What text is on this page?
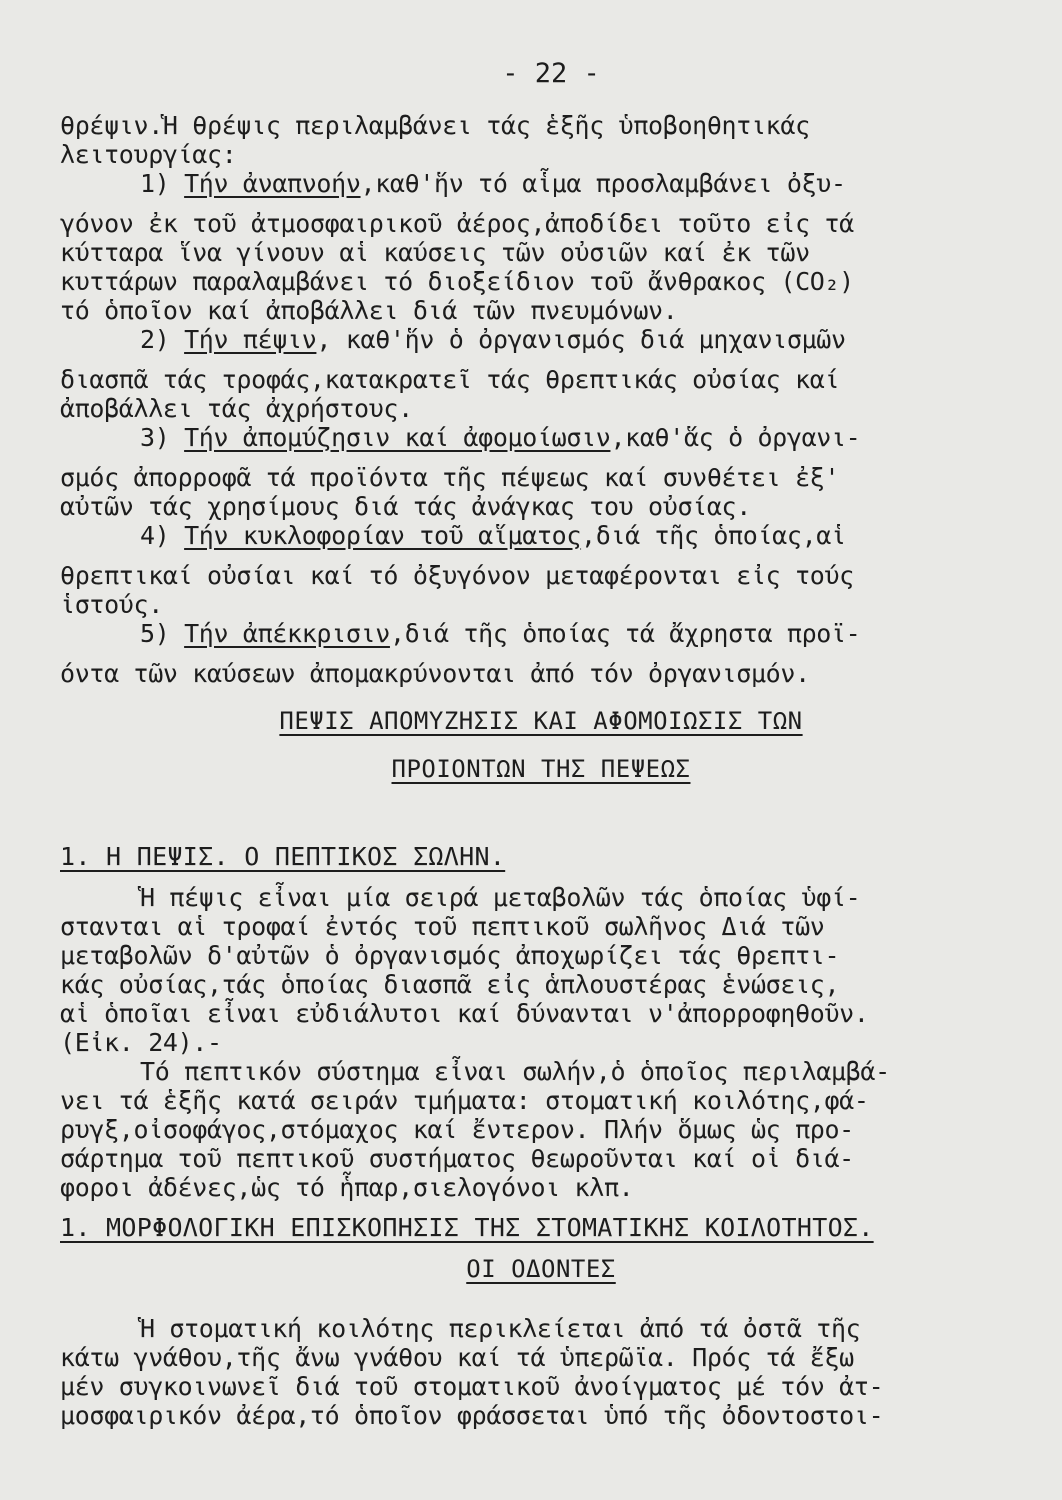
- 22 -
θρέψιν.Ἡ θρέψις περιλαμβάνει τάς ἑξῆς ὑποβοηθητικάς
λειτουργίας:
1) Τήν ἀναπνοήν,καθ'ἥν τό αἷμα προσλαμβάνει ὀξυ-
γόνον ἐκ τοῦ ἀτμοσφαιρικοῦ ἀέρος,ἀποδίδει τοῦτο εἰς τά
κύτταρα ἵνα γίνουν αἱ καύσεις τῶν οὐσιῶν καί ἐκ τῶν
κυττάρων παραλαμβάνει τό διοξείδιον τοῦ ἄνθρακος (CO₂)
τό ὁποῖον καί ἀποβάλλει διά τῶν πνευμόνων.
2) Τήν πέψιν, καθ'ἥν ὁ ὀργανισμός διά μηχανισμῶν
διασπᾶ τάς τροφάς,κατακρατεῖ τάς θρεπτικάς οὐσίας καί
ἀποβάλλει τάς ἀχρήστους.
3) Τήν ἀπομύζησιν καί ἀφομοίωσιν,καθ'ἅς ὁ ὀργανι-
σμός ἀπορροφᾶ τά προϊόντα τῆς πέψεως καί συνθέτει ἐξ'
αὐτῶν τάς χρησίμους διά τάς ἀνάγκας του οὐσίας.
4) Τήν κυκλοφορίαν τοῦ αἵματος,διά τῆς ὁποίας,αἱ
θρεπτικαί οὐσίαι καί τό ὀξυγόνον μεταφέρονται εἰς τούς
ἱστούς.
5) Τήν ἀπέκκρισιν,διά τῆς ὁποίας τά ἄχρηστα προϊ-
όντα τῶν καύσεων ἀπομακρύνονται ἀπό τόν ὀργανισμόν.
ΠΕΨΙΣ ΑΠΟΜΥΖΗΣΙΣ ΚΑΙ ΑΦΟΜΟΙΩΣΙΣ ΤΩΝ
ΠΡΟΙΟΝΤΩΝ ΤΗΣ ΠΕΨΕΩΣ
1. Η ΠΕΨΙΣ. Ο ΠΕΠΤΙΚΟΣ ΣΩΛΗΝ.
Ἡ πέψις εἶναι μία σειρά μεταβολῶν τάς ὁποίας ὑφί-
στανται αἱ τροφαί ἐντός τοῦ πεπτικοῦ σωλῆνος Διά τῶν
μεταβολῶν δ'αὐτῶν ὁ ὀργανισμός ἀποχωρίζει τάς θρεπτι-
κάς οὐσίας,τάς ὁποίας διασπᾶ εἰς ἁπλουστέρας ἑνώσεις,
αἱ ὁποῖαι εἶναι εὐδιάλυτοι καί δύνανται ν'ἀπορροφηθοῦν.
(Εἰκ. 24).-
Τό πεπτικόν σύστημα εἶναι σωλήν,ὁ ὁποῖος περιλαμβά-
νει τά ἑξῆς κατά σειράν τμήματα: στοματική κοιλότης,φά-
ρυγξ,οἰσοφάγος,στόμαχος καί ἔντερον. Πλήν ὅμως ὡς προ-
σάρτημα τοῦ πεπτικοῦ συστήματος θεωροῦνται καί οἱ διά-
φοροι ἀδένες,ὡς τό ἧπαρ,σιελογόνοι κλπ.
1. ΜΟΡΦΟΛΟΓΙΚΗ ΕΠΙΣΚΟΠΗΣΙΣ ΤΗΣ ΣΤΟΜΑΤΙΚΗΣ ΚΟΙΛΟΤΗΤΟΣ.
ΟΙ ΟΔΟΝΤΕΣ
Ἡ στοματική κοιλότης περικλείεται ἀπό τά ὀστᾶ τῆς
κάτω γνάθου,τῆς ἄνω γνάθου καί τά ὑπερῶϊα. Πρός τά ἔξω
μέν συγκοινωνεῖ διά τοῦ στοματικοῦ ἀνοίγματος μέ τόν ἀτ-
μοσφαιρικόν ἀέρα,τό ὁποῖον φράσσεται ὑπό τῆς ὀδοντοστοι-
